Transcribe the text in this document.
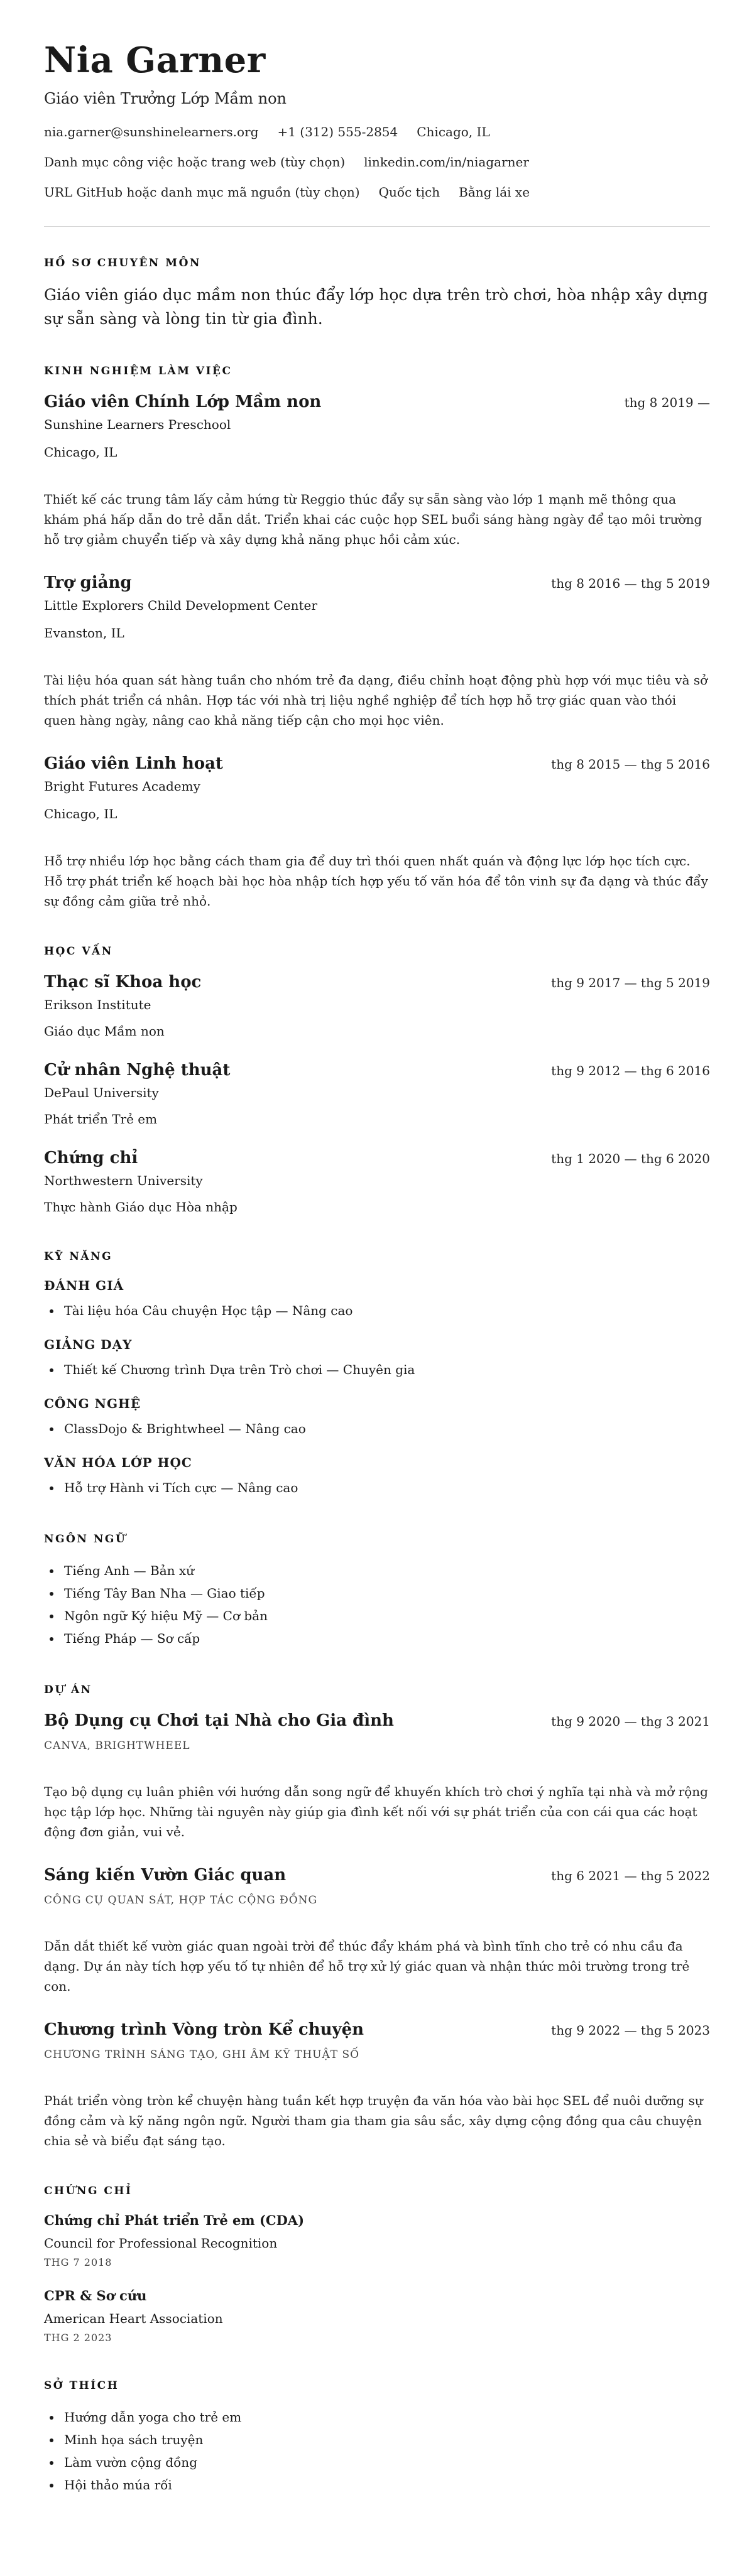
Nia Garner
Giáo viên Trưởng Lớp Mầm non
nia.garner@sunshinelearners.org +1 (312) 555-2854 Chicago, IL
Danh mục công việc hoặc trang web (tùy chọn) linkedin.com/in/niagarner
URL GitHub hoặc danh mục mã nguồn (tùy chọn) Quốc tịch Bằng lái xe
HỒ SƠ CHUYÊN MÔN
Giáo viên giáo dục mầm non thúc đẩy lớp học dựa trên trò chơi, hòa nhập xây dựng sự sẵn sàng và lòng tin từ gia đình.
KINH NGHIỆM LÀM VIỆC
Giáo viên Chính Lớp Mầm non	thg 8 2019 —
Sunshine Learners Preschool
Chicago, IL
Thiết kế các trung tâm lấy cảm hứng từ Reggio thúc đẩy sự sẵn sàng vào lớp 1 mạnh mẽ thông qua khám phá hấp dẫn do trẻ dẫn dắt. Triển khai các cuộc họp SEL buổi sáng hàng ngày để tạo môi trường hỗ trợ giảm chuyển tiếp và xây dựng khả năng phục hồi cảm xúc.
Trợ giảng	thg 8 2016 — thg 5 2019
Little Explorers Child Development Center
Evanston, IL
Tài liệu hóa quan sát hàng tuần cho nhóm trẻ đa dạng, điều chỉnh hoạt động phù hợp với mục tiêu và sở thích phát triển cá nhân. Hợp tác với nhà trị liệu nghề nghiệp để tích hợp hỗ trợ giác quan vào thói quen hàng ngày, nâng cao khả năng tiếp cận cho mọi học viên.
Giáo viên Linh hoạt	thg 8 2015 — thg 5 2016
Bright Futures Academy
Chicago, IL
Hỗ trợ nhiều lớp học bằng cách tham gia để duy trì thói quen nhất quán và động lực lớp học tích cực. Hỗ trợ phát triển kế hoạch bài học hòa nhập tích hợp yếu tố văn hóa để tôn vinh sự đa dạng và thúc đẩy sự đồng cảm giữa trẻ nhỏ.
HỌC VẤN
Thạc sĩ Khoa học	thg 9 2017 — thg 5 2019
Erikson Institute
Giáo dục Mầm non
Cử nhân Nghệ thuật	thg 9 2012 — thg 6 2016
DePaul University
Phát triển Trẻ em
Chứng chỉ	thg 1 2020 — thg 6 2020
Northwestern University
Thực hành Giáo dục Hòa nhập
KỸ NĂNG
ĐÁNH GIÁ
• Tài liệu hóa Câu chuyện Học tập — Nâng cao
GIẢNG DẠY
• Thiết kế Chương trình Dựa trên Trò chơi — Chuyên gia
CÔNG NGHỆ
• ClassDojo & Brightwheel — Nâng cao
VĂN HÓA LỚP HỌC
• Hỗ trợ Hành vi Tích cực — Nâng cao
NGÔN NGỮ
• Tiếng Anh — Bản xứ
• Tiếng Tây Ban Nha — Giao tiếp
• Ngôn ngữ Ký hiệu Mỹ — Cơ bản
• Tiếng Pháp — Sơ cấp
DỰ ÁN
Bộ Dụng cụ Chơi tại Nhà cho Gia đình	thg 9 2020 — thg 3 2021
CANVA, BRIGHTWHEEL
Tạo bộ dụng cụ luân phiên với hướng dẫn song ngữ để khuyến khích trò chơi ý nghĩa tại nhà và mở rộng học tập lớp học. Những tài nguyên này giúp gia đình kết nối với sự phát triển của con cái qua các hoạt động đơn giản, vui vẻ.
Sáng kiến Vườn Giác quan	thg 6 2021 — thg 5 2022
CÔNG CỤ QUAN SÁT, HỢP TÁC CỘNG ĐỒNG
Dẫn dắt thiết kế vườn giác quan ngoài trời để thúc đẩy khám phá và bình tĩnh cho trẻ có nhu cầu đa dạng. Dự án này tích hợp yếu tố tự nhiên để hỗ trợ xử lý giác quan và nhận thức môi trường trong trẻ con.
Chương trình Vòng tròn Kể chuyện	thg 9 2022 — thg 5 2023
CHƯƠNG TRÌNH SÁNG TẠO, GHI ÂM KỸ THUẬT SỐ
Phát triển vòng tròn kể chuyện hàng tuần kết hợp truyện đa văn hóa vào bài học SEL để nuôi dưỡng sự đồng cảm và kỹ năng ngôn ngữ. Người tham gia tham gia sâu sắc, xây dựng cộng đồng qua câu chuyện chia sẻ và biểu đạt sáng tạo.
CHỨNG CHỈ
Chứng chỉ Phát triển Trẻ em (CDA)
Council for Professional Recognition
THG 7 2018
CPR & Sơ cứu
American Heart Association
THG 2 2023
SỞ THÍCH
• Hướng dẫn yoga cho trẻ em
• Minh họa sách truyện
• Làm vườn cộng đồng
• Hội thảo múa rối
